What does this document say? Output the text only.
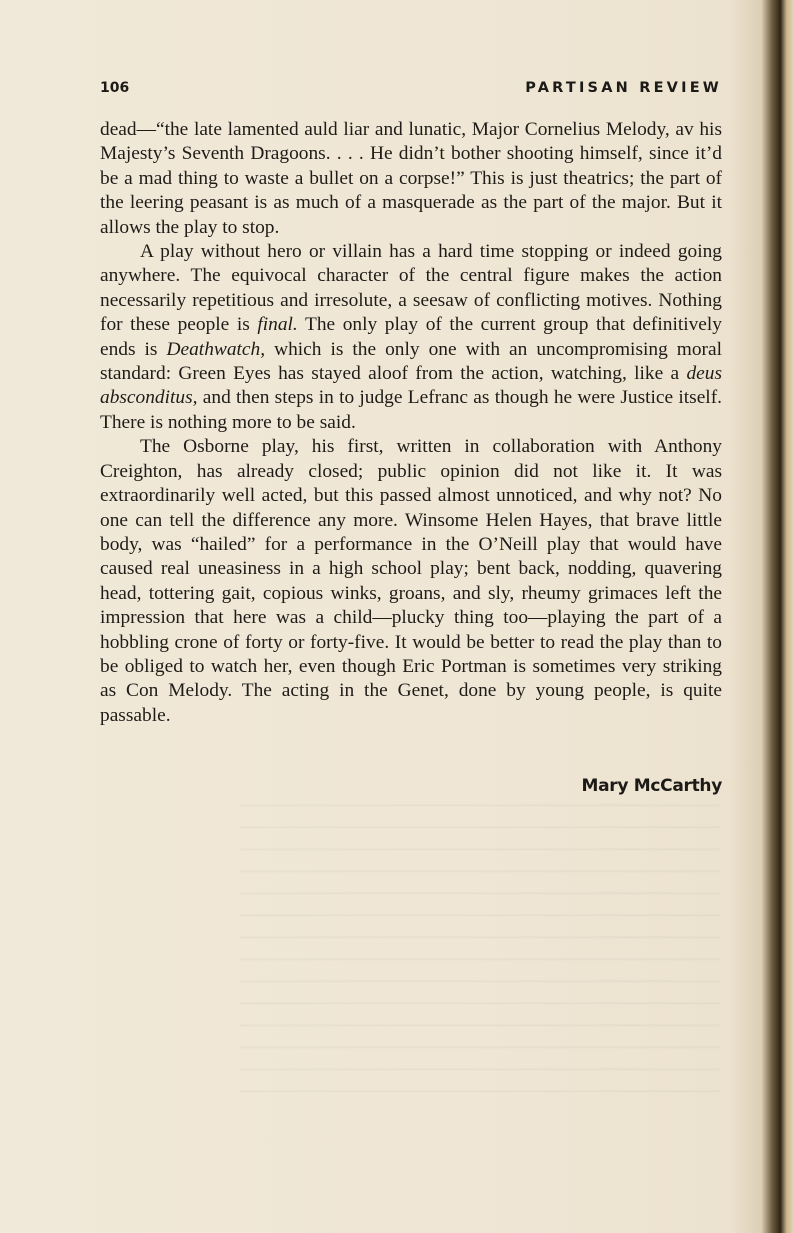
106	PARTISAN REVIEW

dead—“the late lamented auld liar and lunatic, Major Cornelius Melody, av his Majesty’s Seventh Dragoons. . . . He didn’t bother shooting himself, since it’d be a mad thing to waste a bullet on a corpse!” This is just theatrics; the part of the leering peasant is as much of a masquerade as the part of the major. But it allows the play to stop.

A play without hero or villain has a hard time stopping or indeed going anywhere. The equivocal character of the central figure makes the action necessarily repetitious and irresolute, a seesaw of conflicting motives. Nothing for these people is final. The only play of the current group that definitively ends is Deathwatch, which is the only one with an uncompromising moral standard: Green Eyes has stayed aloof from the action, watching, like a deus absconditus, and then steps in to judge Lefranc as though he were Justice itself. There is nothing more to be said.

The Osborne play, his first, written in collaboration with Anthony Creighton, has already closed; public opinion did not like it. It was extraordinarily well acted, but this passed almost unnoticed, and why not? No one can tell the difference any more. Winsome Helen Hayes, that brave little body, was “hailed” for a performance in the O’Neill play that would have caused real uneasiness in a high school play; bent back, nodding, quavering head, tottering gait, copious winks, groans, and sly, rheumy grimaces left the impression that here was a child—plucky thing too—playing the part of a hobbling crone of forty or forty-five. It would be better to read the play than to be obliged to watch her, even though Eric Portman is sometimes very striking as Con Melody. The acting in the Genet, done by young people, is quite passable.

Mary McCarthy
